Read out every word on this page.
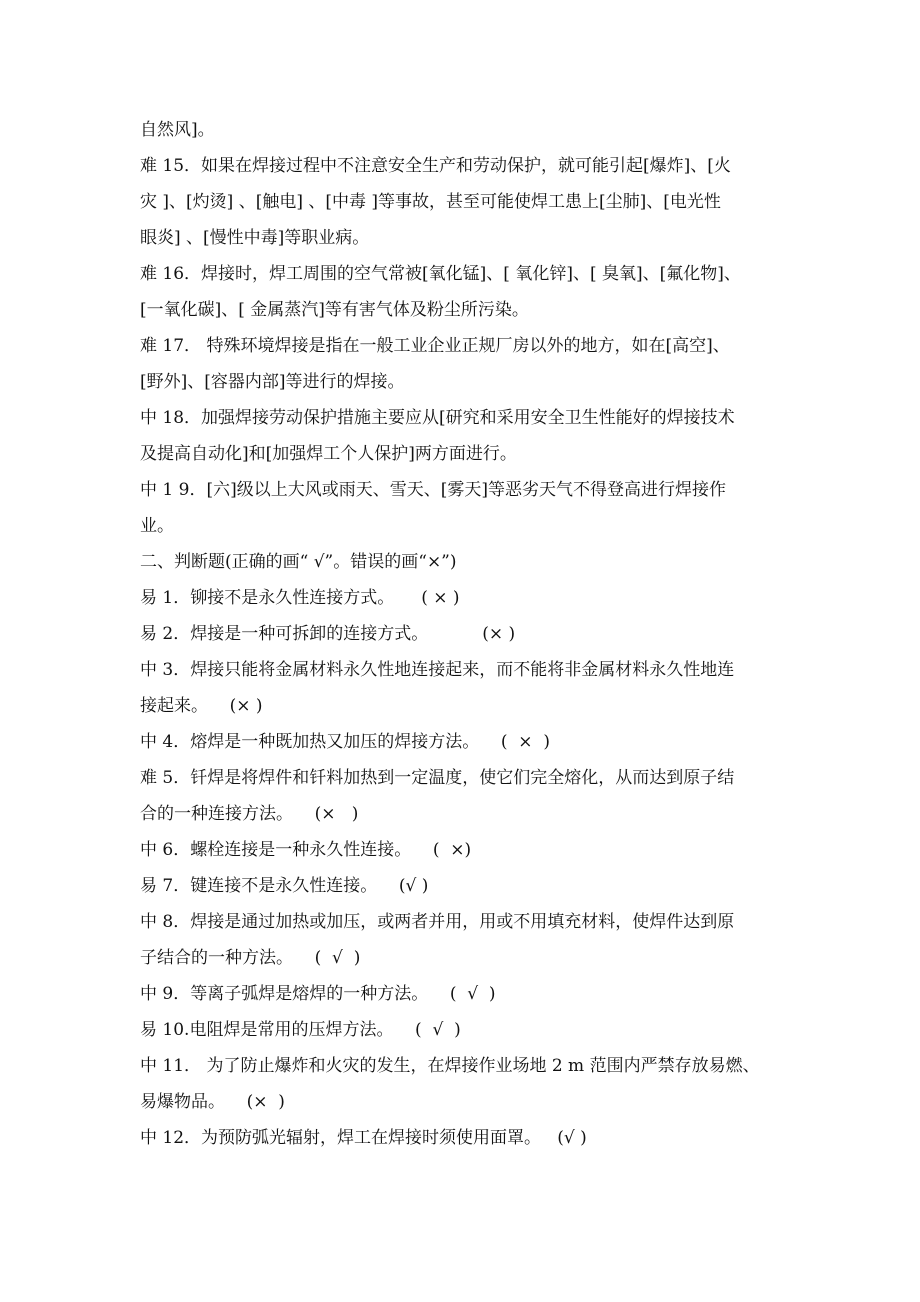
自然风]。
难 15．如果在焊接过程中不注意安全生产和劳动保护，就可能引起[爆炸]、[火
灾 ]、[灼烫] 、[触电] 、[中毒 ]等事故，甚至可能使焊工患上[尘肺]、[电光性
眼炎] 、[慢性中毒]等职业病。
难 16．焊接时，焊工周围的空气常被[氧化锰]、[ 氧化锌]、[ 臭氧]、[氟化物]、
[一氧化碳]、[ 金属蒸汽]等有害气体及粉尘所污染。
难 17． 特殊环境焊接是指在一般工业企业正规厂房以外的地方，如在[高空]、
[野外]、[容器内部]等进行的焊接。
中 18．加强焊接劳动保护措施主要应从[研究和采用安全卫生性能好的焊接技术
及提高自动化]和[加强焊工个人保护]两方面进行。
中 1 9．[六]级以上大风或雨天、雪天、[雾天]等恶劣天气不得登高进行焊接作
业。
二、判断题(正确的画“ √”。错误的画“×”)
易 1．铆接不是永久性连接方式。     ( × )
易 2．焊接是一种可拆卸的连接方式。          (× )
中 3．焊接只能将金属材料永久性地连接起来，而不能将非金属材料永久性地连
接起来。    (× )
中 4．熔焊是一种既加热又加压的焊接方法。    (  ×  )
难 5．钎焊是将焊件和钎料加热到一定温度，使它们完全熔化，从而达到原子结
合的一种连接方法。    (×   )
中 6．螺栓连接是一种永久性连接。    (  ×)
易 7．键连接不是永久性连接。    (√ )
中 8．焊接是通过加热或加压，或两者并用，用或不用填充材料，使焊件达到原
子结合的一种方法。    (  √  )
中 9．等离子弧焊是熔焊的一种方法。    (  √  )
易 10.电阻焊是常用的压焊方法。    (  √  )
中 11． 为了防止爆炸和火灾的发生，在焊接作业场地 2 m 范围内严禁存放易燃、
易爆物品。    (×  )
中 12．为预防弧光辐射，焊工在焊接时须使用面罩。   (√ )
